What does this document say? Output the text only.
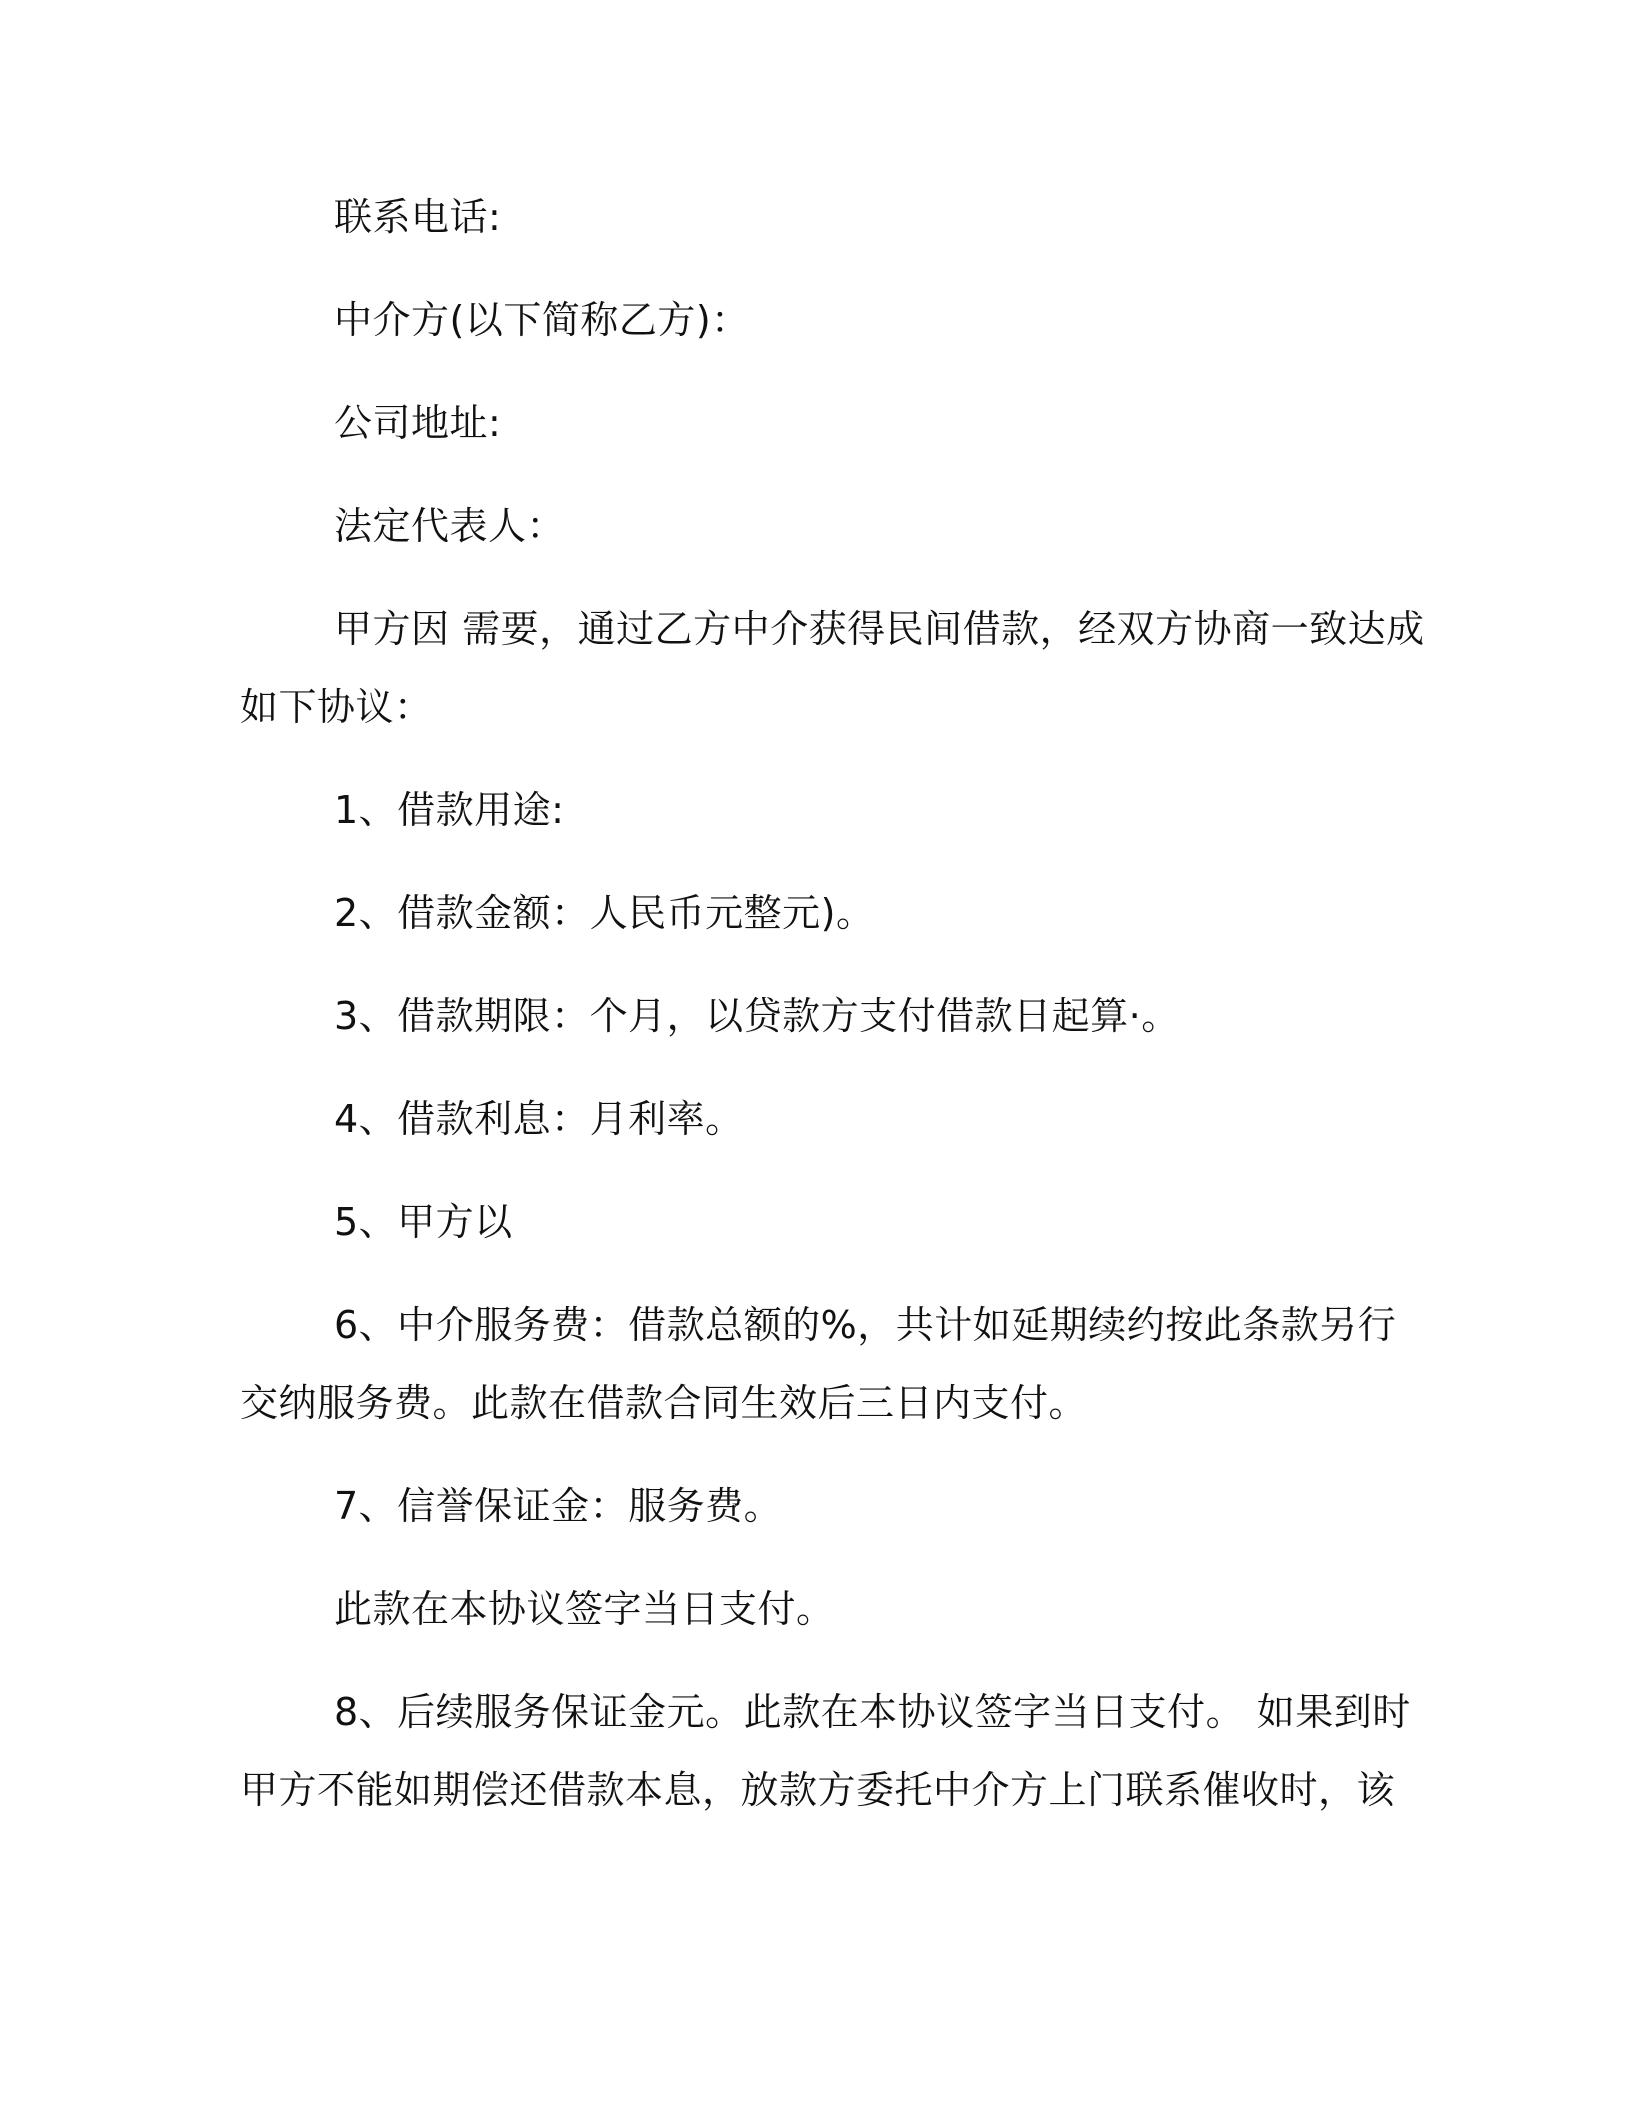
联系电话:
中介方(以下简称乙方)：
公司地址:
法定代表人：
甲方因 需要，通过乙方中介获得民间借款，经双方协商一致达成
如下协议：
1、借款用途:
2、借款金额：人民币元整元)。
3、借款期限：个月，以贷款方支付借款日起算·。
4、借款利息：月利率。
5、甲方以
6、中介服务费：借款总额的%，共计如延期续约按此条款另行
交纳服务费。此款在借款合同生效后三日内支付。
7、信誉保证金：服务费。
此款在本协议签字当日支付。
8、后续服务保证金元。此款在本协议签字当日支付。 如果到时
甲方不能如期偿还借款本息，放款方委托中介方上门联系催收时，该
